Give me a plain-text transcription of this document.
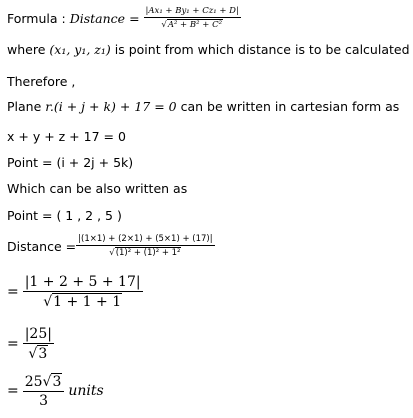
Formula :
Distance
=
$\frac{\text{|Ax₁ + By₁ + Cz₁ + D|}}{\text{√ A² + B² + C²}}$
where
(x₁, y₁, z₁)
is point from which distance is to be calculated
Therefore ,
Plane
r.(i + j + k) + 17 = 0
can be written in cartesian form as
x + y + z + 17 = 0
Point = (i + 2j + 5k)
Which can be also written as
Point = ( 1 , 2 , 5 )
Distance
= $\frac{|(1\times 1) + (2\times 1) + (5\times 1) + (17)|}{\text{√ (1)² + (1)² + 1²}}$
=
$\frac{|1 + 2 + 5 + 17|}{√ 1 + 1 + 1}$
=
$\frac{|25|}{√ 3}$
=
$\frac{25 √ 3}{3}$
units
